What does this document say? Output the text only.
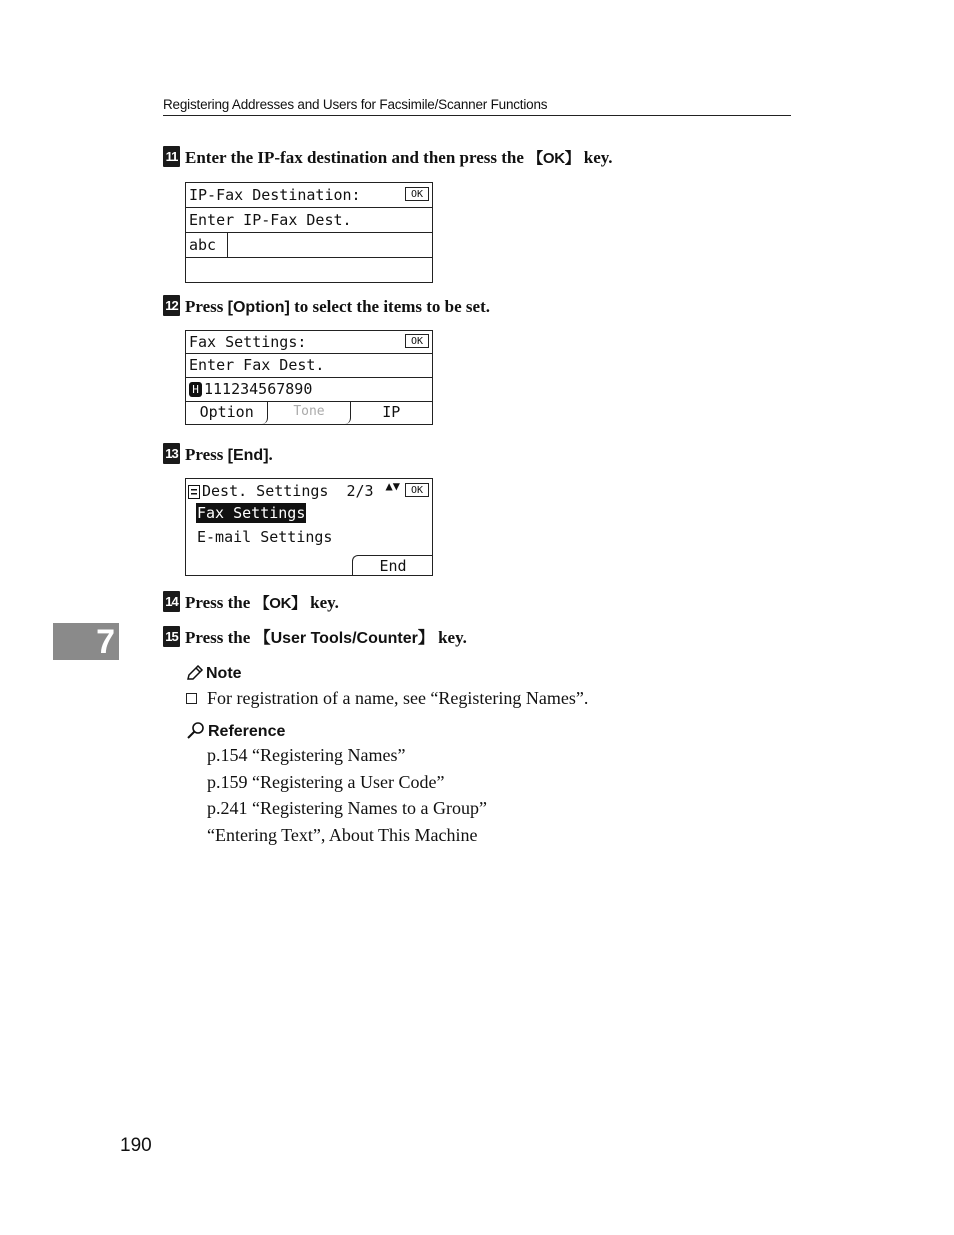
Registering Addresses and Users for Facsimile/Scanner Functions
11 Enter the IP-fax destination and then press the 【OK】 key.
IP-Fax Destination:	OK
Enter IP-Fax Dest.
abc
12 Press [Option] to select the items to be set.
Fax Settings:	OK
Enter Fax Dest.
H 111234567890
Option	Tone	IP
13 Press [End].
Dest. Settings 2/3 ▲▼	OK
Fax Settings
E-mail Settings
End
14 Press the 【OK】 key.
7	15 Press the 【User Tools/Counter】 key.
Note
For registration of a name, see “Registering Names”.
Reference
p.154 “Registering Names”
p.159 “Registering a User Code”
p.241 “Registering Names to a Group”
“Entering Text”, About This Machine
190
